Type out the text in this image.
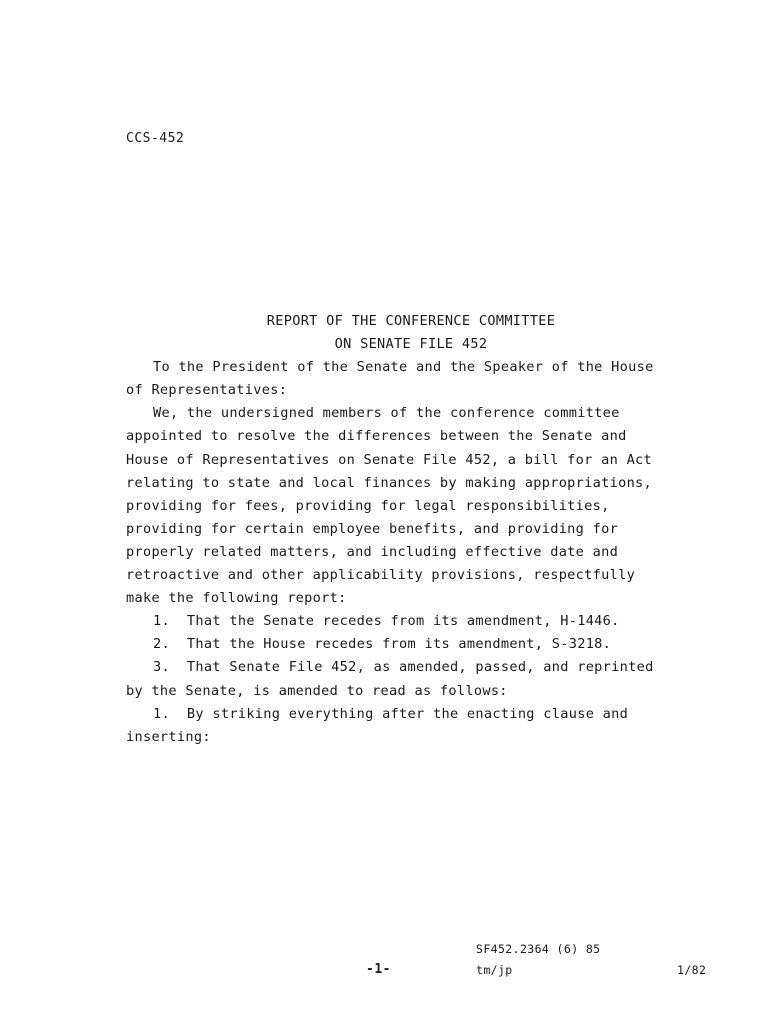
CCS-452
REPORT OF THE CONFERENCE COMMITTEE
ON SENATE FILE 452
To the President of the Senate and the Speaker of the House
of Representatives:
We, the undersigned members of the conference committee
appointed to resolve the differences between the Senate and
House of Representatives on Senate File 452, a bill for an Act
relating to state and local finances by making appropriations,
providing for fees, providing for legal responsibilities,
providing for certain employee benefits, and providing for
properly related matters, and including effective date and
retroactive and other applicability provisions, respectfully
make the following report:
1.  That the Senate recedes from its amendment, H-1446.
2.  That the House recedes from its amendment, S-3218.
3.  That Senate File 452, as amended, passed, and reprinted
by the Senate, is amended to read as follows:
1.  By striking everything after the enacting clause and
inserting:
SF452.2364 (6) 85
-1-	tm/jp	1/82
